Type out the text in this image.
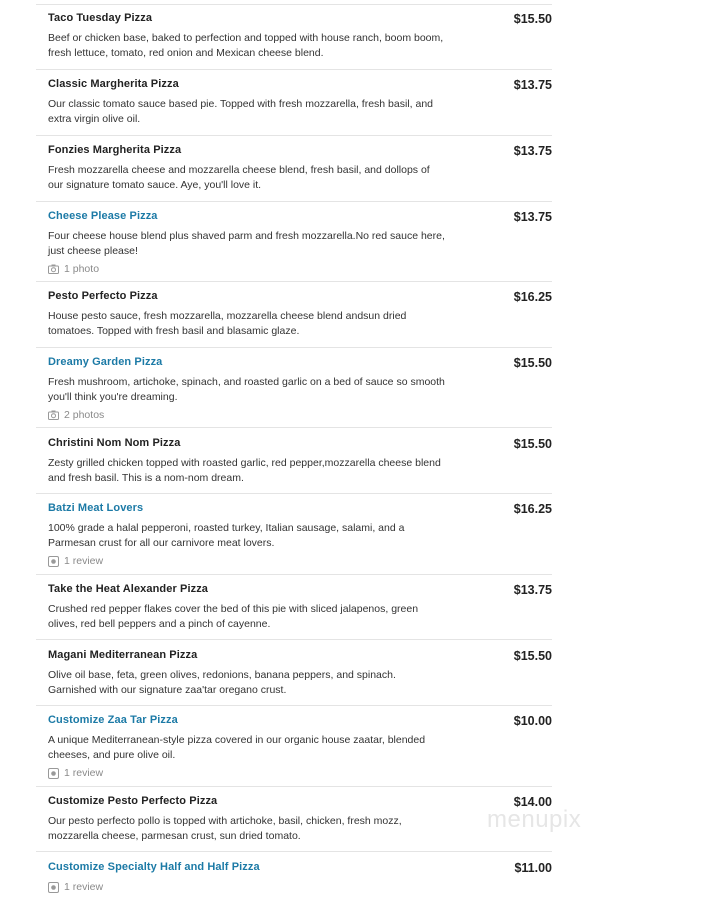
Taco Tuesday Pizza	$15.50
Beef or chicken base, baked to perfection and topped with house ranch, boom boom, fresh lettuce, tomato, red onion and Mexican cheese blend.
Classic Margherita Pizza	$13.75
Our classic tomato sauce based pie. Topped with fresh mozzarella, fresh basil, and extra virgin olive oil.
Fonzies Margherita Pizza	$13.75
Fresh mozzarella cheese and mozzarella cheese blend, fresh basil, and dollops of our signature tomato sauce. Aye, you'll love it.
Cheese Please Pizza	$13.75
Four cheese house blend plus shaved parm and fresh mozzarella.No red sauce here, just cheese please!
1 photo
Pesto Perfecto Pizza	$16.25
House pesto sauce, fresh mozzarella, mozzarella cheese blend andsun dried tomatoes. Topped with fresh basil and blasamic glaze.
Dreamy Garden Pizza	$15.50
Fresh mushroom, artichoke, spinach, and roasted garlic on a bed of sauce so smooth you'll think you're dreaming.
2 photos
Christini Nom Nom Pizza	$15.50
Zesty grilled chicken topped with roasted garlic, red pepper,mozzarella cheese blend and fresh basil. This is a nom-nom dream.
Batzi Meat Lovers	$16.25
100% grade a halal pepperoni, roasted turkey, Italian sausage, salami, and a Parmesan crust for all our carnivore meat lovers.
1 review
Take the Heat Alexander Pizza	$13.75
Crushed red pepper flakes cover the bed of this pie with sliced jalapenos, green olives, red bell peppers and a pinch of cayenne.
Magani Mediterranean Pizza	$15.50
Olive oil base, feta, green olives, redonions, banana peppers, and spinach. Garnished with our signature zaa'tar oregano crust.
Customize Zaa Tar Pizza	$10.00
A unique Mediterranean-style pizza covered in our organic house zaatar, blended cheeses, and pure olive oil.
1 review
Customize Pesto Perfecto Pizza	$14.00
Our pesto perfecto pollo is topped with artichoke, basil, chicken, fresh mozz, mozzarella cheese, parmesan crust, sun dried tomato.
Customize Specialty Half and Half Pizza	$11.00
1 review
menupix
